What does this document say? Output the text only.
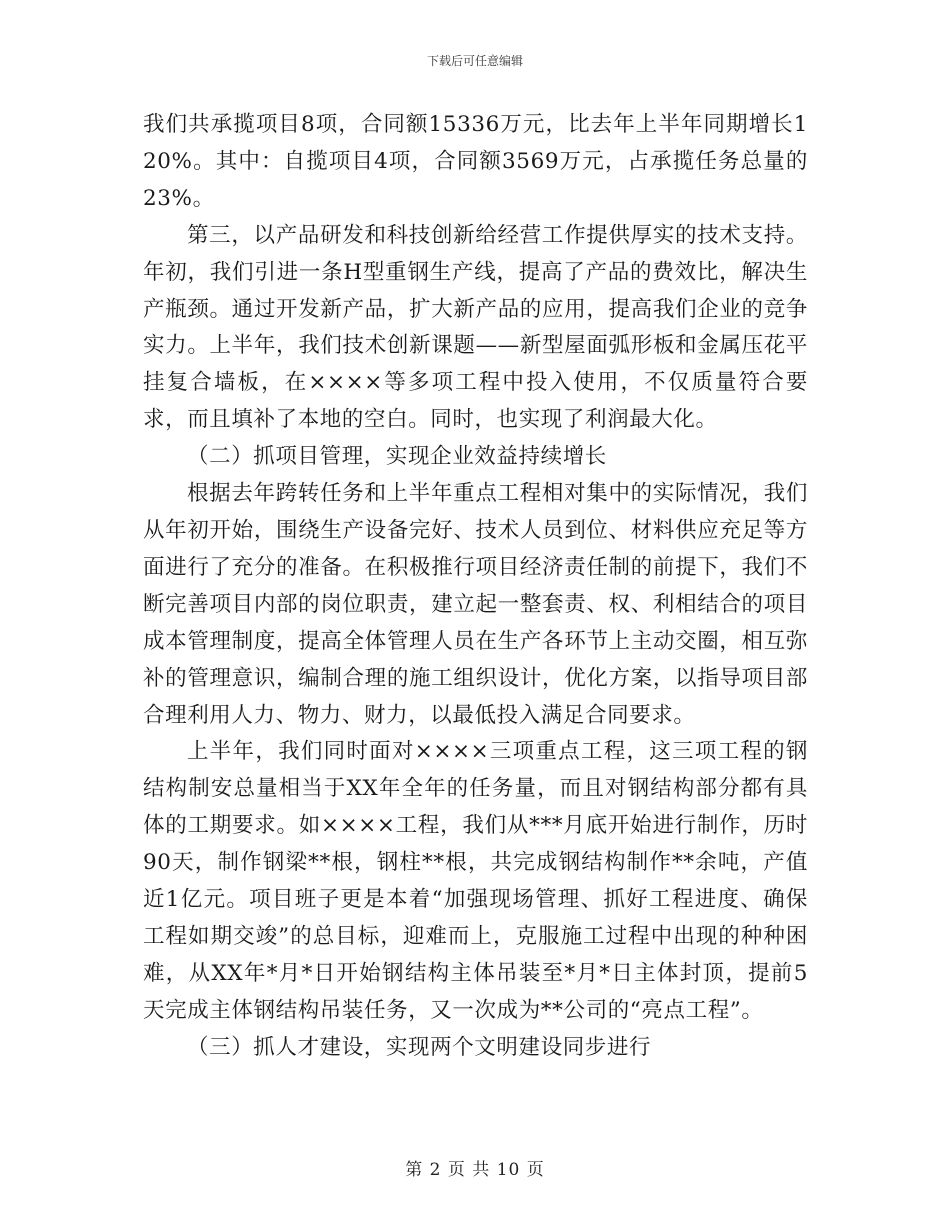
下载后可任意编辑

我们共承揽项目8项，合同额15336万元，比去年上半年同期增长120%。其中：自揽项目4项，合同额3569万元，占承揽任务总量的23%。

第三，以产品研发和科技创新给经营工作提供厚实的技术支持。年初，我们引进一条H型重钢生产线，提高了产品的费效比，解决生产瓶颈。通过开发新产品，扩大新产品的应用，提高我们企业的竞争实力。上半年，我们技术创新课题——新型屋面弧形板和金属压花平挂复合墙板，在××××等多项工程中投入使用，不仅质量符合要求，而且填补了本地的空白。同时，也实现了利润最大化。

（二）抓项目管理，实现企业效益持续增长

根据去年跨转任务和上半年重点工程相对集中的实际情况，我们从年初开始，围绕生产设备完好、技术人员到位、材料供应充足等方面进行了充分的准备。在积极推行项目经济责任制的前提下，我们不断完善项目内部的岗位职责，建立起一整套责、权、利相结合的项目成本管理制度，提高全体管理人员在生产各环节上主动交圈，相互弥补的管理意识，编制合理的施工组织设计，优化方案，以指导项目部合理利用人力、物力、财力，以最低投入满足合同要求。

上半年，我们同时面对××××三项重点工程，这三项工程的钢结构制安总量相当于XX年全年的任务量，而且对钢结构部分都有具体的工期要求。如××××工程，我们从***月底开始进行制作，历时90天，制作钢梁**根，钢柱**根，共完成钢结构制作**余吨，产值近1亿元。项目班子更是本着“加强现场管理、抓好工程进度、确保工程如期交竣”的总目标，迎难而上，克服施工过程中出现的种种困难，从XX年*月*日开始钢结构主体吊装至*月*日主体封顶，提前5天完成主体钢结构吊装任务，又一次成为**公司的“亮点工程”。

（三）抓人才建设，实现两个文明建设同步进行

第 2 页 共 10 页
